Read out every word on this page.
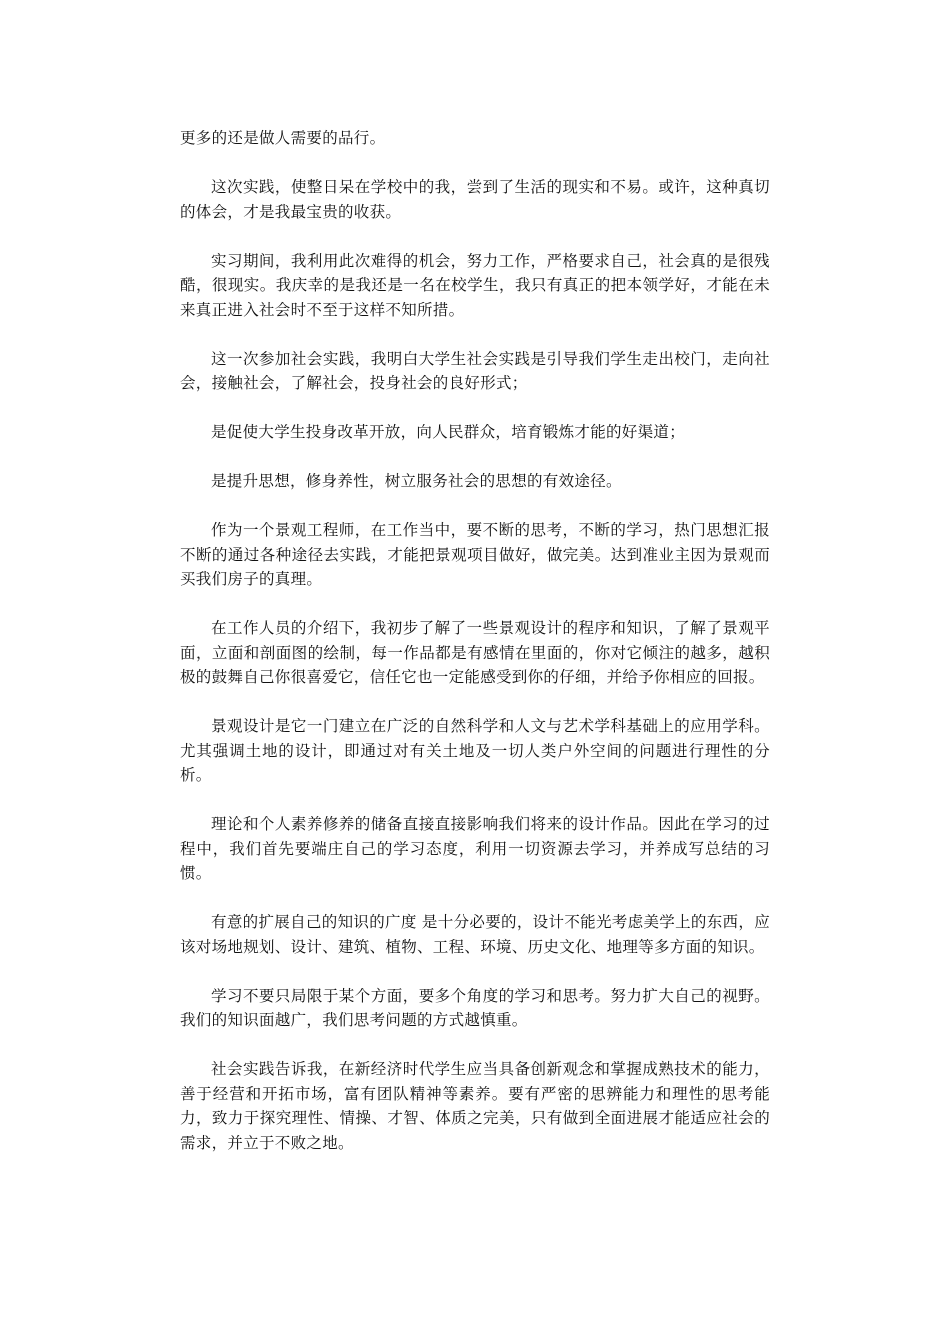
更多的还是做人需要的品行。

这次实践，使整日呆在学校中的我，尝到了生活的现实和不易。或许，这种真切的体会，才是我最宝贵的收获。

实习期间，我利用此次难得的机会，努力工作，严格要求自己，社会真的是很残酷，很现实。我庆幸的是我还是一名在校学生，我只有真正的把本领学好，才能在未来真正进入社会时不至于这样不知所措。

这一次参加社会实践，我明白大学生社会实践是引导我们学生走出校门，走向社会，接触社会，了解社会，投身社会的良好形式；

是促使大学生投身改革开放，向人民群众，培育锻炼才能的好渠道；

是提升思想，修身养性，树立服务社会的思想的有效途径。

作为一个景观工程师，在工作当中，要不断的思考，不断的学习，热门思想汇报不断的通过各种途径去实践，才能把景观项目做好，做完美。达到准业主因为景观而买我们房子的真理。

在工作人员的介绍下，我初步了解了一些景观设计的程序和知识，了解了景观平面，立面和剖面图的绘制，每一作品都是有感情在里面的，你对它倾注的越多，越积极的鼓舞自己你很喜爱它，信任它也一定能感受到你的仔细，并给予你相应的回报。

景观设计是它一门建立在广泛的自然科学和人文与艺术学科基础上的应用学科。尤其强调土地的设计，即通过对有关土地及一切人类户外空间的问题进行理性的分析。

理论和个人素养修养的储备直接直接影响我们将来的设计作品。因此在学习的过程中，我们首先要端庄自己的学习态度，利用一切资源去学习，并养成写总结的习惯。

有意的扩展自己的知识的广度 是十分必要的，设计不能光考虑美学上的东西，应该对场地规划、设计、建筑、植物、工程、环境、历史文化、地理等多方面的知识。

学习不要只局限于某个方面，要多个角度的学习和思考。努力扩大自己的视野。我们的知识面越广，我们思考问题的方式越慎重。

社会实践告诉我，在新经济时代学生应当具备创新观念和掌握成熟技术的能力，善于经营和开拓市场，富有团队精神等素养。要有严密的思辨能力和理性的思考能力，致力于探究理性、情操、才智、体质之完美，只有做到全面进展才能适应社会的需求，并立于不败之地。
